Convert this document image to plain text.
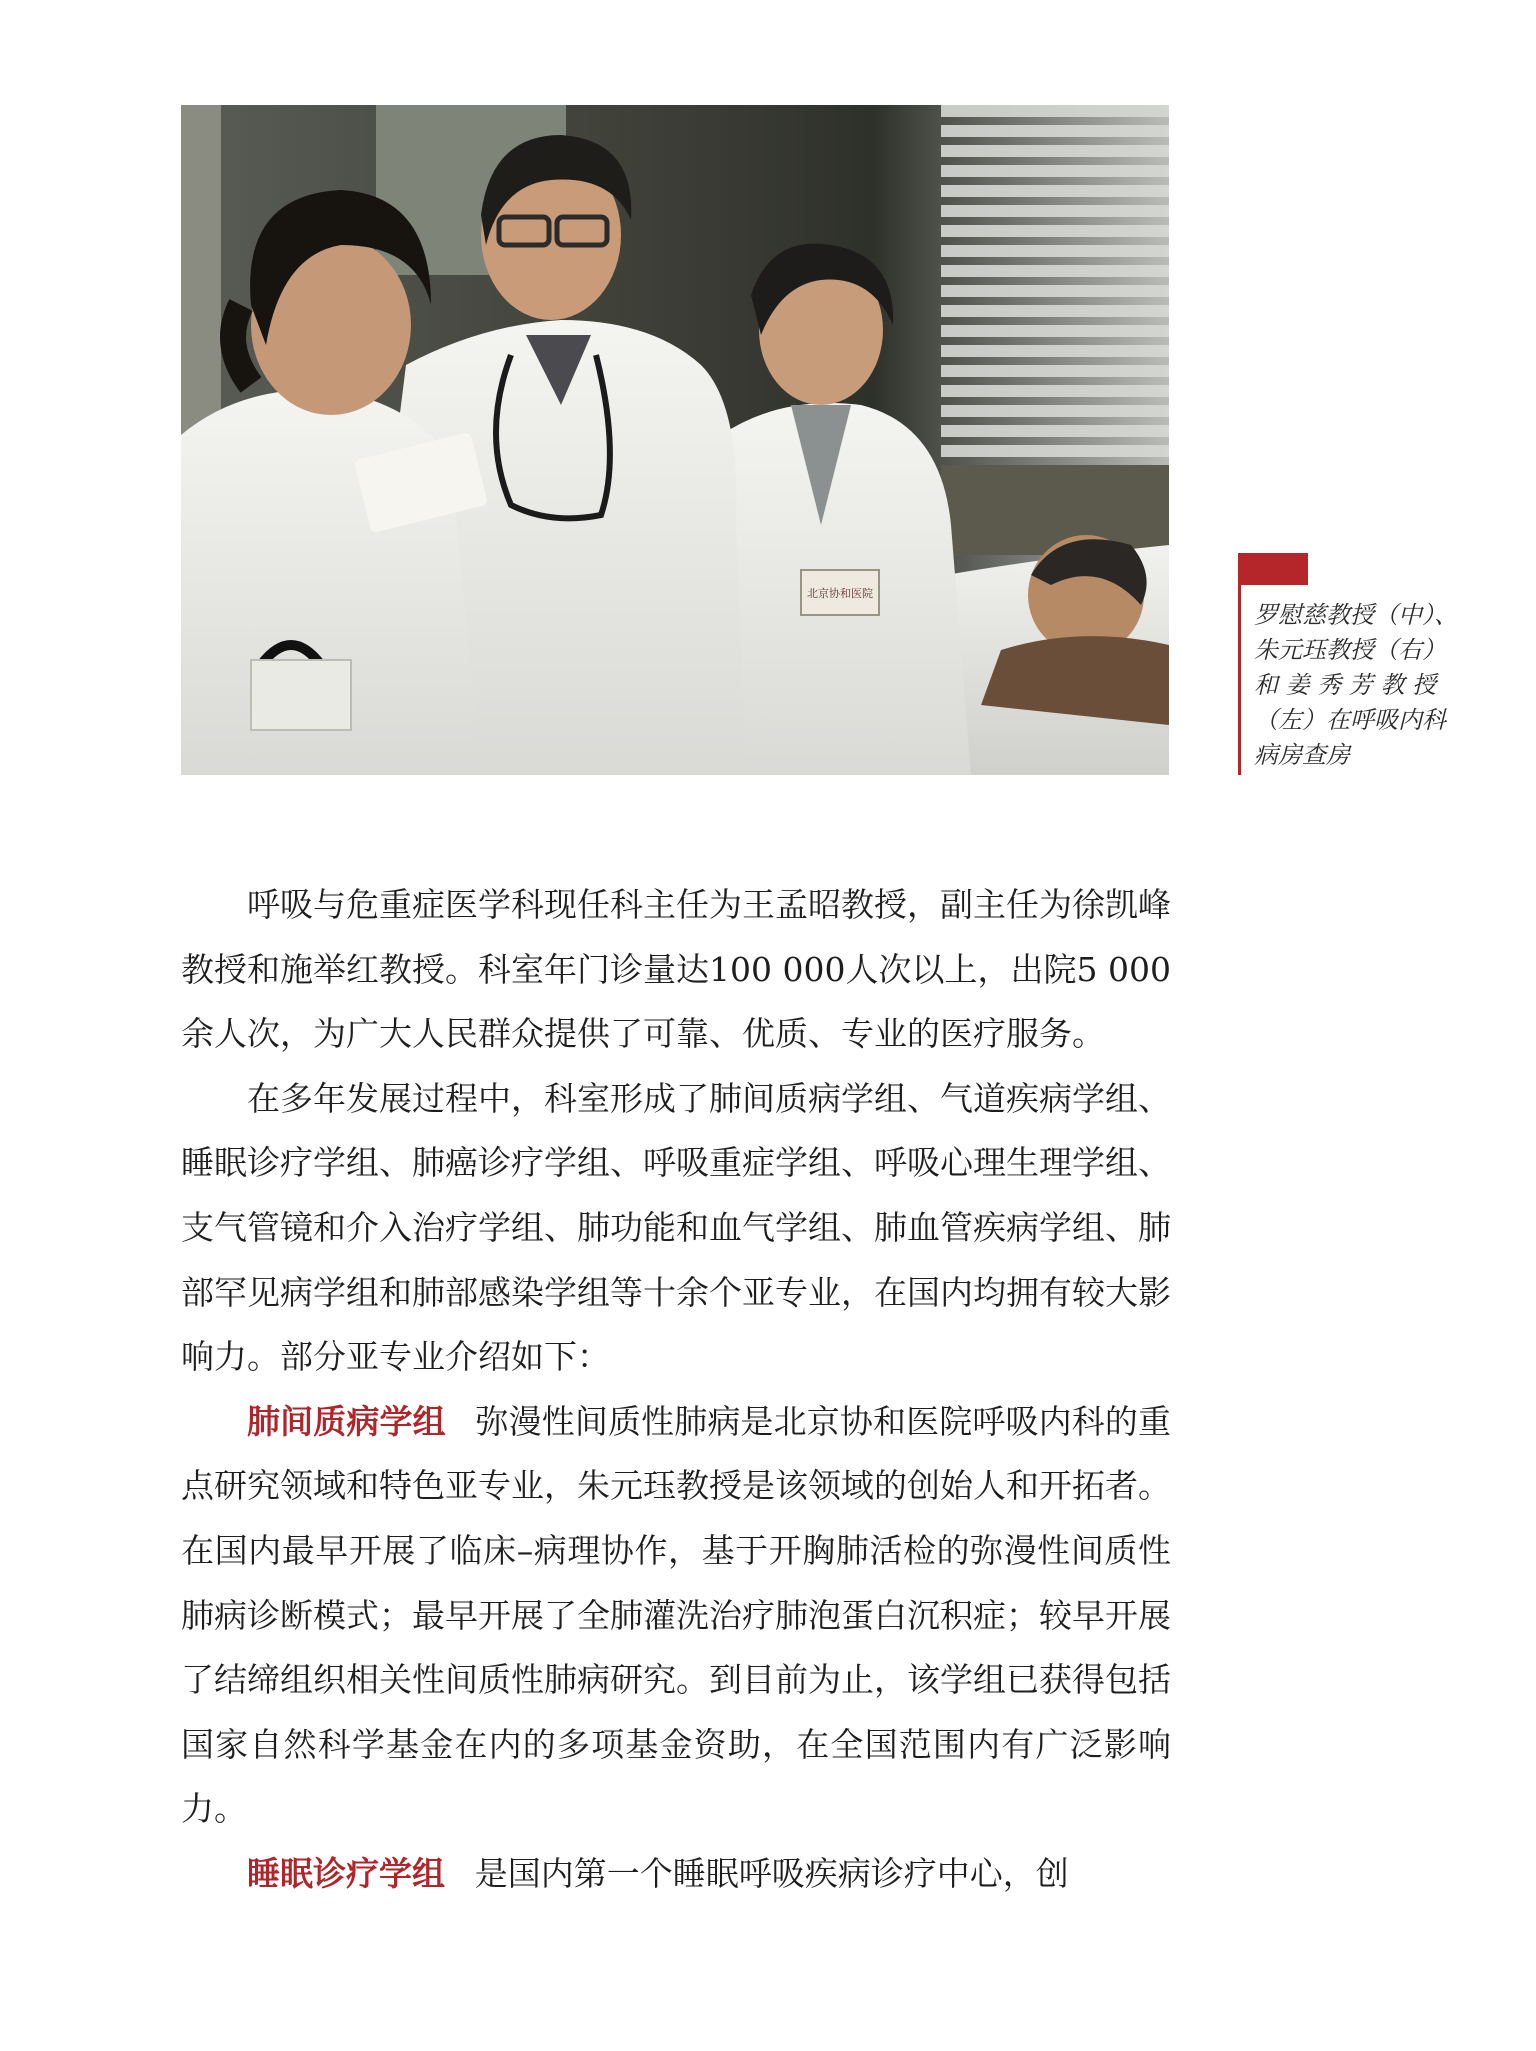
北京协和医院
罗慰慈教授（中）、
朱元珏教授（右）
和 姜 秀 芳 教 授
（左）在呼吸内科
病房查房

呼吸与危重症医学科现任科主任为王孟昭教授，副主任为徐凯峰教授和施举红教授。科室年门诊量达100 000人次以上，出院5 000余人次，为广大人民群众提供了可靠、优质、专业的医疗服务。

在多年发展过程中，科室形成了肺间质病学组、气道疾病学组、睡眠诊疗学组、肺癌诊疗学组、呼吸重症学组、呼吸心理生理学组、支气管镜和介入治疗学组、肺功能和血气学组、肺血管疾病学组、肺部罕见病学组和肺部感染学组等十余个亚专业，在国内均拥有较大影响力。部分亚专业介绍如下：

肺间质病学组 弥漫性间质性肺病是北京协和医院呼吸内科的重点研究领域和特色亚专业，朱元珏教授是该领域的创始人和开拓者。在国内最早开展了临床–病理协作，基于开胸肺活检的弥漫性间质性肺病诊断模式；最早开展了全肺灌洗治疗肺泡蛋白沉积症；较早开展了结缔组织相关性间质性肺病研究。到目前为止，该学组已获得包括国家自然科学基金在内的多项基金资助，在全国范围内有广泛影响力。

睡眠诊疗学组 是国内第一个睡眠呼吸疾病诊疗中心，创
